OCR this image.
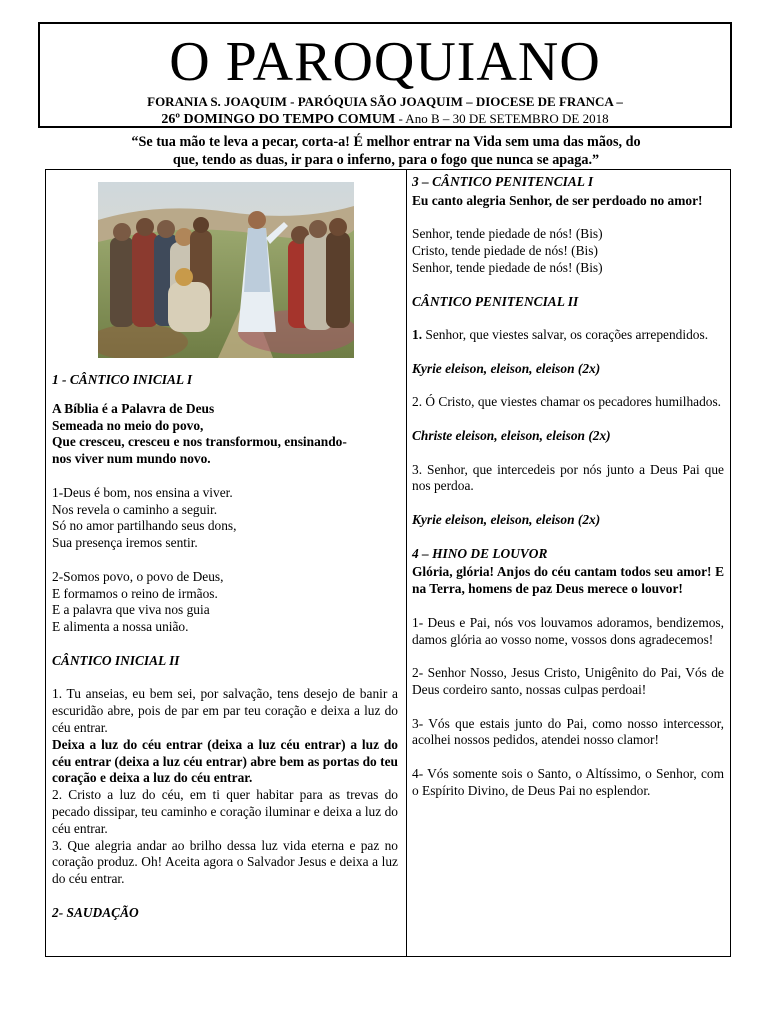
O PAROQUIANO
FORANIA S. JOAQUIM - PARÓQUIA SÃO JOAQUIM – DIOCESE DE FRANCA –
26º DOMINGO DO TEMPO COMUM - Ano B – 30 DE SETEMBRO DE 2018
“Se tua mão te leva a pecar, corta-a! É melhor entrar na Vida sem uma das mãos, do
que, tendo as duas, ir para o inferno, para o fogo que nunca se apaga.”

1 - CÂNTICO INICIAL I

A Bíblia é a Palavra de Deus

Semeada no meio do povo,

Que cresceu, cresceu e nos transformou, ensinando-

nos viver num mundo novo.

1-Deus é bom, nos ensina a viver.

Nos revela o caminho a seguir.

Só no amor partilhando seus dons,

Sua presença iremos sentir.

2-Somos povo, o povo de Deus,

E formamos o reino de irmãos.

E a palavra que viva nos guia

E alimenta a nossa união.

CÂNTICO INICIAL II

1. Tu anseias, eu bem sei, por salvação, tens desejo de banir a escuridão abre, pois de par em par teu coração e deixa a luz do céu entrar.

Deixa a luz do céu entrar (deixa a luz céu entrar) a luz do céu entrar (deixa a luz céu entrar) abre bem as portas do teu coração e deixa a luz do céu entrar.

2. Cristo a luz do céu, em ti quer habitar para as trevas do pecado dissipar, teu caminho e coração iluminar e deixa a luz do céu entrar.

3. Que alegria andar ao brilho dessa luz vida eterna e paz no coração produz. Oh! Aceita agora o Salvador Jesus e deixa a luz do céu entrar.

2- SAUDAÇÃO

3 – CÂNTICO PENITENCIAL I

Eu canto alegria Senhor, de ser perdoado no amor!

Senhor, tende piedade de nós! (Bis)

Cristo, tende piedade de nós! (Bis)

Senhor, tende piedade de nós! (Bis)

CÂNTICO PENITENCIAL II

1. Senhor, que viestes salvar, os corações arrependidos.

Kyrie eleison, eleison, eleison (2x)

2. Ó Cristo, que viestes chamar os pecadores humilhados.

Christe eleison, eleison, eleison (2x)

3. Senhor, que intercedeis por nós junto a Deus Pai que nos perdoa.

Kyrie eleison, eleison, eleison (2x)

4 – HINO DE LOUVOR

Glória, glória! Anjos do céu cantam todos seu amor! E na Terra, homens de paz Deus merece o louvor!

1- Deus e Pai, nós vos louvamos adoramos, bendizemos, damos glória ao vosso nome, vossos dons agradecemos!

2- Senhor Nosso, Jesus Cristo, Unigênito do Pai, Vós de Deus cordeiro santo, nossas culpas perdoai!

3- Vós que estais junto do Pai, como nosso intercessor, acolhei nossos pedidos, atendei nosso clamor!

4- Vós somente sois o Santo, o Altíssimo, o Senhor, com o Espírito Divino, de Deus Pai no esplendor.
